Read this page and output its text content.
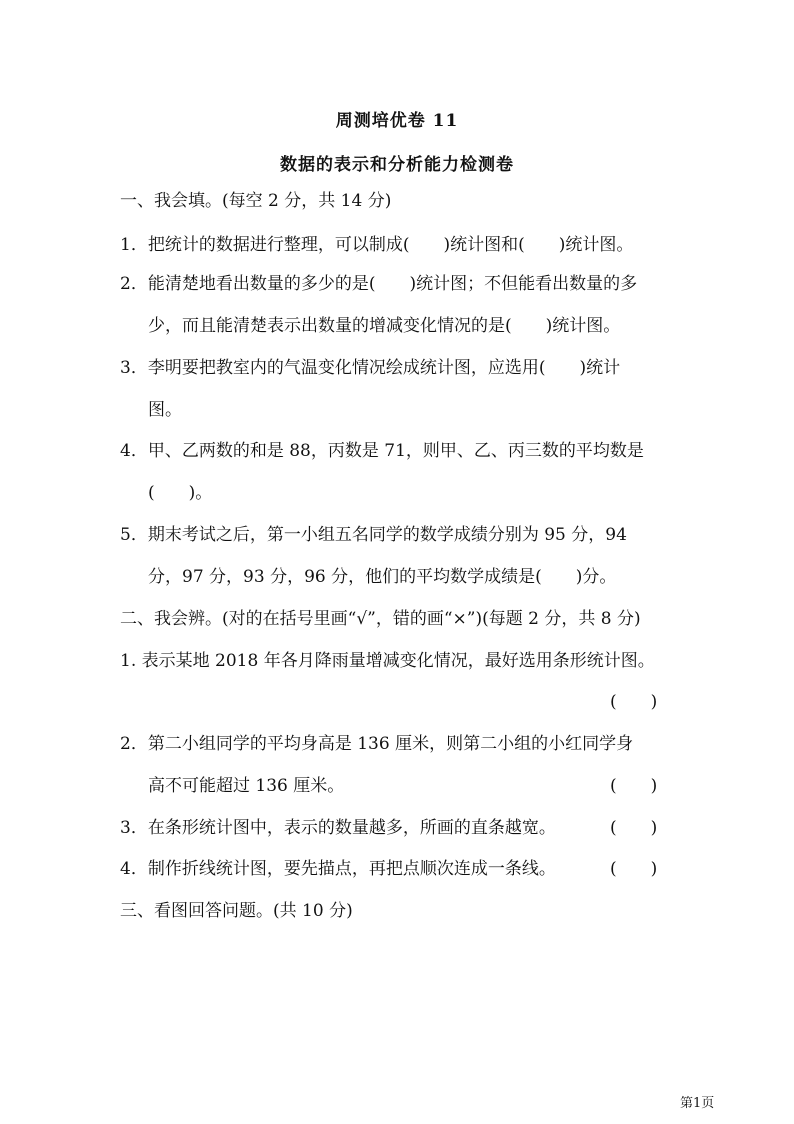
周测培优卷 11
数据的表示和分析能力检测卷
一、我会填。(每空 2 分，共 14 分)
1．把统计的数据进行整理，可以制成(　　)统计图和(　　)统计图。
2．能清楚地看出数量的多少的是(　　)统计图；不但能看出数量的多
少，而且能清楚表示出数量的增减变化情况的是(　　)统计图。
3．李明要把教室内的气温变化情况绘成统计图，应选用(　　)统计
图。
4．甲、乙两数的和是 88，丙数是 71，则甲、乙、丙三数的平均数是
(　　)。
5．期末考试之后，第一小组五名同学的数学成绩分别为 95 分，94
分，97 分，93 分，96 分，他们的平均数学成绩是(　　)分。
二、我会辨。(对的在括号里画“√”，错的画“×”)(每题 2 分，共 8 分)
1. 表示某地 2018 年各月降雨量增减变化情况，最好选用条形统计图。
(　　)
2．第二小组同学的平均身高是 136 厘米，则第二小组的小红同学身
高不可能超过 136 厘米。	(　　)
3．在条形统计图中，表示的数量越多，所画的直条越宽。	(　　)
4．制作折线统计图，要先描点，再把点顺次连成一条线。	(　　)
三、看图回答问题。(共 10 分)
第1页
